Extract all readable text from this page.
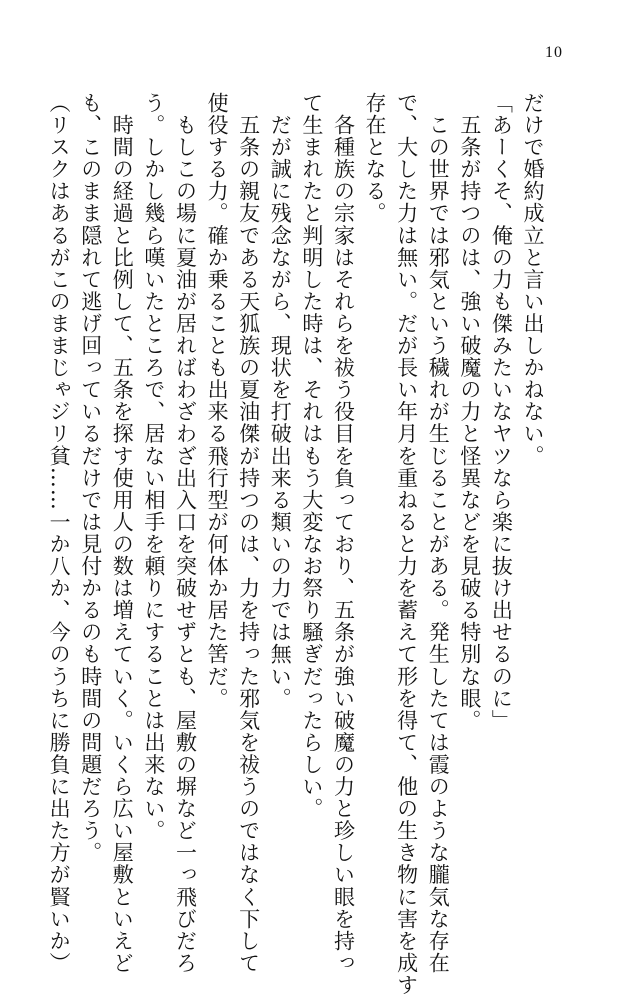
10
だけで婚約成立と言い出しかねない。
「あーくそ、俺の力も傑みたいなヤツなら楽に抜け出せるのに」
　五条が持つのは、強い破魔の力と怪異などを見破る特別な眼。
　この世界では邪気という穢れが生じることがある。発生したては霞のような朧気な存在
で、大した力は無い。だが長い年月を重ねると力を蓄えて形を得て、他の生き物に害を成す
存在となる。
　各種族の宗家はそれらを祓う役目を負っており、五条が強い破魔の力と珍しい眼を持っ
て生まれたと判明した時は、それはもう大変なお祭り騒ぎだったらしい。
　だが誠に残念ながら、現状を打破出来る類いの力では無い。
　五条の親友である天狐族の夏油傑が持つのは、力を持った邪気を祓うのではなく下して
使役する力。確か乗ることも出来る飛行型が何体か居た筈だ。
　もしこの場に夏油が居ればわざわざ出入口を突破せずとも、屋敷の塀など一っ飛びだろ
う。しかし幾ら嘆いたところで、居ない相手を頼りにすることは出来ない。
　時間の経過と比例して、五条を探す使用人の数は増えていく。いくら広い屋敷といえど
も、このまま隠れて逃げ回っているだけでは見付かるのも時間の問題だろう。
（リスクはあるがこのままじゃジリ貧……一か八か、今のうちに勝負に出た方が賢いか）
